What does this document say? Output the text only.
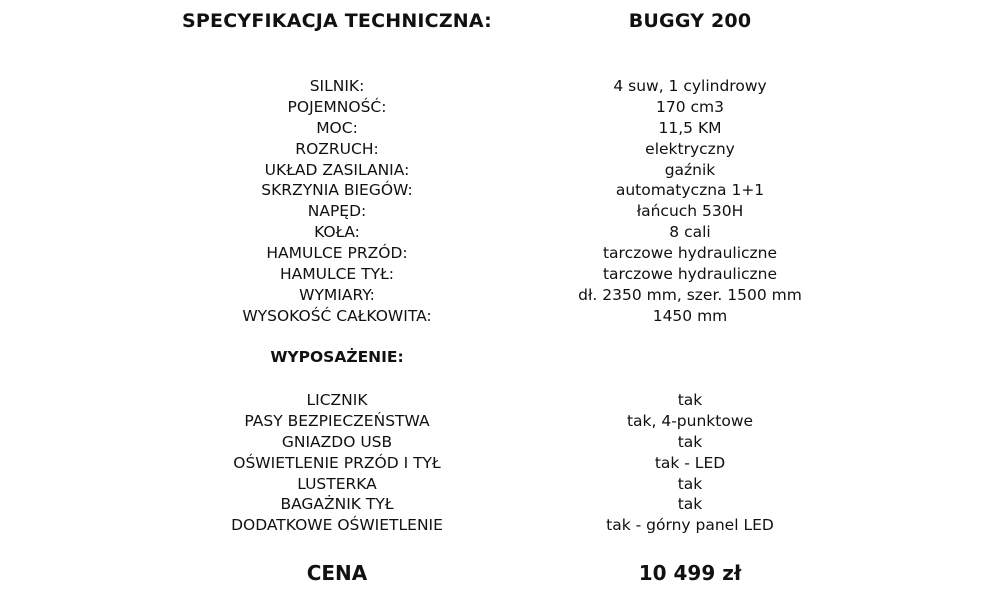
SPECYFIKACJA TECHNICZNA:	BUGGY 200
SILNIK:	4 suw, 1 cylindrowy
POJEMNOŚĆ:	170 cm3
MOC:	11,5 KM
ROZRUCH:	elektryczny
UKŁAD ZASILANIA:	gaźnik
SKRZYNIA BIEGÓW:	automatyczna 1+1
NAPĘD:	łańcuch 530H
KOŁA:	8 cali
HAMULCE PRZÓD:	tarczowe hydrauliczne
HAMULCE TYŁ:	tarczowe hydrauliczne
WYMIARY:	dł. 2350 mm, szer. 1500 mm
WYSOKOŚĆ CAŁKOWITA:	1450 mm
WYPOSAŻENIE:
LICZNIK	tak
PASY BEZPIECZEŃSTWA	tak, 4-punktowe
GNIAZDO USB	tak
OŚWIETLENIE PRZÓD I TYŁ	tak - LED
LUSTERKA	tak
BAGAŻNIK TYŁ	tak
DODATKOWE OŚWIETLENIE	tak - górny panel LED
CENA	10 499 zł
